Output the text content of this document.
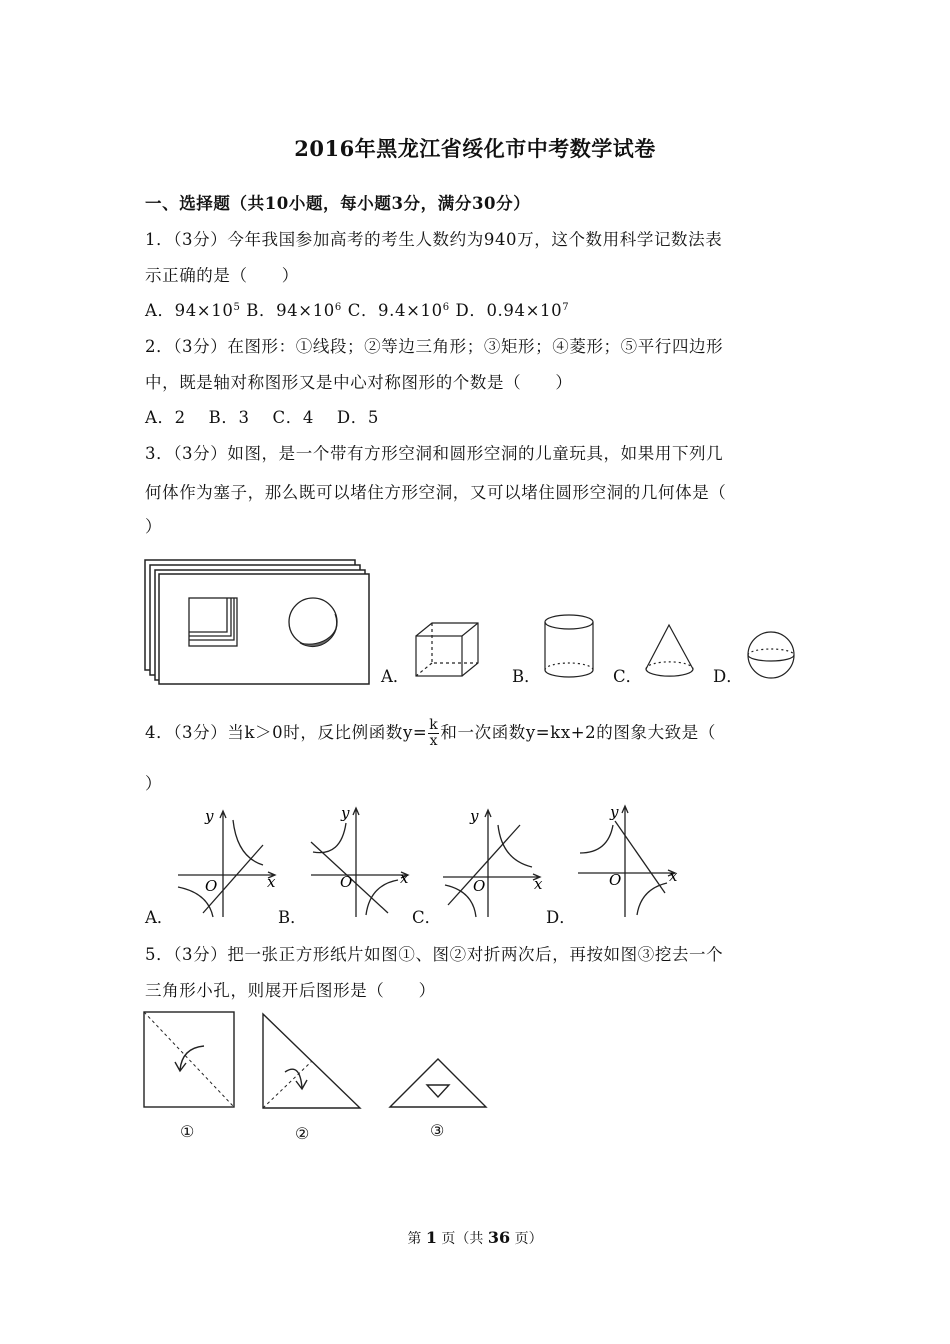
2016年黑龙江省绥化市中考数学试卷
一、选择题（共10小题，每小题3分，满分30分）
1．（3分）今年我国参加高考的考生人数约为940万，这个数用科学记数法表
示正确的是（　　）
A．$94\times 10^5$ B．$94\times 10^6$ C．$9.4\times 10^6$ D．$0.94\times 10^7$
2．（3分）在图形：①线段；②等边三角形；③矩形；④菱形；⑤平行四边形
中，既是轴对称图形又是中心对称图形的个数是（　　）
A．2　 B．3　 C．4　 D．5
3．（3分）如图，是一个带有方形空洞和圆形空洞的儿童玩具，如果用下列几
何体作为塞子，那么既可以堵住方形空洞，又可以堵住圆形空洞的几何体是（
）
A．	B．	C．	D．
4．（3分）当k＞0时，反比例函数$y= \frac{k}{x}$ 和一次函数y=kx+2的图象大致是（
）
y
x
O
A．
y
x
O
B．
y
x
O
C．
y
x
O
D．
5．（3分）把一张正方形纸片如图①、图②对折两次后，再按如图③挖去一个
三角形小孔，则展开后图形是（　　）
①	②	③
第 1 页（共 36 页）
